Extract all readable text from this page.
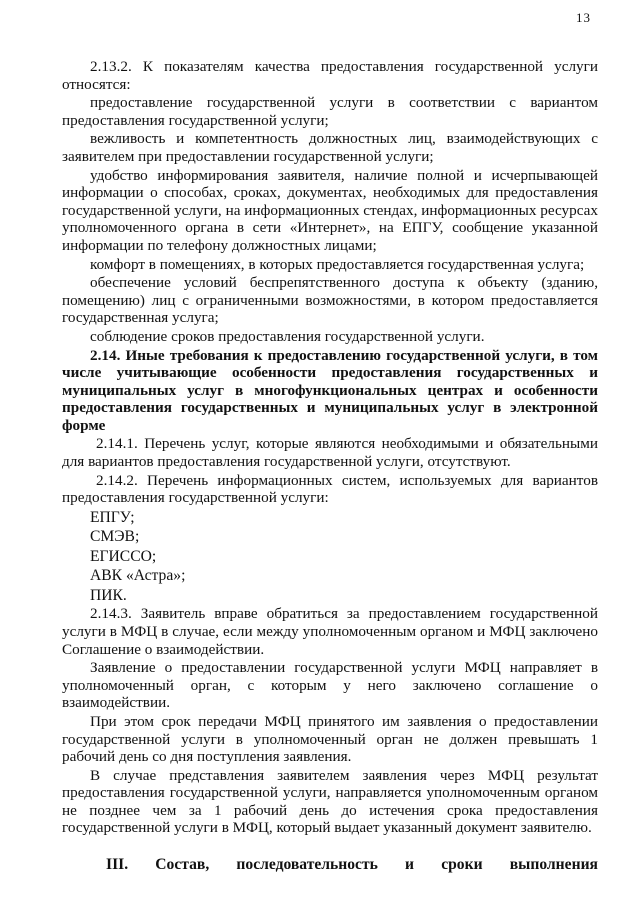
13

2.13.2. К показателям качества предоставления государственной услуги относятся:

предоставление государственной услуги в соответствии с вариантом предоставления государственной услуги;

вежливость и компетентность должностных лиц, взаимодействующих с заявителем при предоставлении государственной услуги;

удобство информирования заявителя, наличие полной и исчерпывающей информации о способах, сроках, документах, необходимых для предоставления государственной услуги, на информационных стендах, информационных ресурсах уполномоченного органа в сети «Интернет», на ЕПГУ, сообщение указанной информации по телефону должностных лицами;

комфорт в помещениях, в которых предоставляется государственная услуга;

обеспечение условий беспрепятственного доступа к объекту (зданию, помещению) лиц с ограниченными возможностями, в котором предоставляется государственная услуга;

соблюдение сроков предоставления государственной услуги.

2.14. Иные требования к предоставлению государственной услуги, в том числе учитывающие особенности предоставления государственных и муниципальных услуг в многофункциональных центрах и особенности предоставления государственных и муниципальных услуг в электронной форме

2.14.1. Перечень услуг, которые являются необходимыми и обязательными для вариантов предоставления государственной услуги, отсутствуют.

2.14.2. Перечень информационных систем, используемых для вариантов предоставления государственной услуги:

ЕПГУ;

СМЭВ;

ЕГИССО;

АВК «Астра»;

ПИК.

2.14.3. Заявитель вправе обратиться за предоставлением государственной услуги в МФЦ в случае, если между уполномоченным органом и МФЦ заключено Соглашение о взаимодействии.

Заявление о предоставлении государственной услуги МФЦ направляет в уполномоченный орган, с которым у него заключено соглашение о взаимодействии.

При этом срок передачи МФЦ принятого им заявления о предоставлении государственной услуги в уполномоченный орган не должен превышать 1 рабочий день со дня поступления заявления.

В случае представления заявителем заявления через МФЦ результат предоставления государственной услуги, направляется уполномоченным органом не позднее чем за 1 рабочий день до истечения срока предоставления государственной услуги в МФЦ, который выдает указанный документ заявителю.

III. Состав, последовательность и сроки выполнения
